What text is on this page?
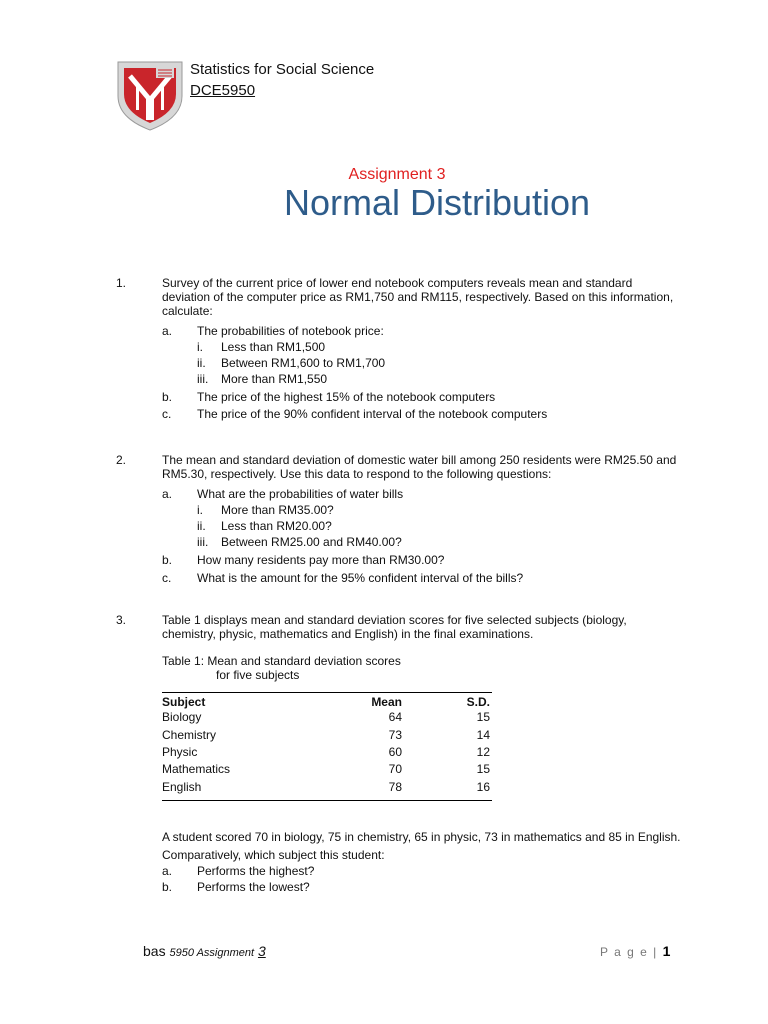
Statistics for Social Science
DCE5950
Assignment 3
Normal Distribution
1.	Survey of the current price of lower end notebook computers reveals mean and standard deviation of the computer price as RM1,750 and RM115, respectively. Based on this information, calculate:
a. The probabilities of notebook price:
i. Less than RM1,500
ii. Between RM1,600 to RM1,700
iii. More than RM1,550
b. The price of the highest 15% of the notebook computers
c. The price of the 90% confident interval of the notebook computers
2.	The mean and standard deviation of domestic water bill among 250 residents were RM25.50 and RM5.30, respectively. Use this data to respond to the following questions:
a. What are the probabilities of water bills
i. More than RM35.00?
ii. Less than RM20.00?
iii. Between RM25.00 and RM40.00?
b. How many residents pay more than RM30.00?
c. What is the amount for the 95% confident interval of the bills?
3.	Table 1 displays mean and standard deviation scores for five selected subjects (biology, chemistry, physic, mathematics and English) in the final examinations.
Table 1: Mean and standard deviation scores
for five subjects
Subject	Mean	S.D.
Biology	64	15
Chemistry	73	14
Physic	60	12
Mathematics	70	15
English	78	16
A student scored 70 in biology, 75 in chemistry, 65 in physic, 73 in mathematics and 85 in English. Comparatively, which subject this student:
a. Performs the highest?
b. Performs the lowest?
bas 5950 Assignment 3	P a g e | 1
